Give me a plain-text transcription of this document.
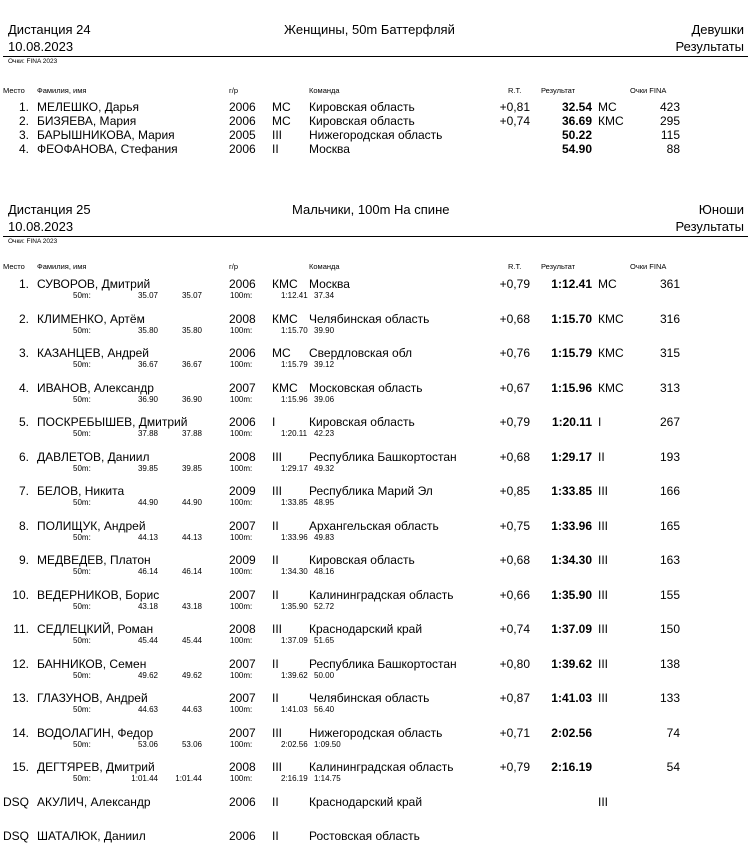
Дистанция 24
10.08.2023
Женщины, 50m Баттерфляй	Девушки
Результаты
Очки: FINA 2023
Место Фамилия, имя	г/р	Команда	R.T.	Результат	Очки FINA
1. МЕЛЕШКО, Дарья	2006 МС Кировская область	+0,81	32.54 МС	423
2. БИЗЯЕВА, Мария	2006 МС Кировская область	+0,74	36.69 КМС	295
3. БАРЫШНИКОВА, Мария	2005 III Нижегородская область	50.22	115
4. ФЕОФАНОВА, Стефания	2006 II	Москва	54.90	88
Дистанция 25
10.08.2023
Мальчики, 100m На спине	Юноши
Результаты
Очки: FINA 2023
Место Фамилия, имя	г/р	Команда	R.T.	Результат	Очки FINA
1. СУВОРОВ, Дмитрий	2006 КМС Москва	+0,79	1:12.41 МС	361
50m:	35.07	35.07	100m:	1:12.41 37.34
2. КЛИМЕНКО, Артём	2008 КМС Челябинская область	+0,68	1:15.70 КМС	316
50m:	35.80	35.80	100m:	1:15.70 39.90
3. КАЗАНЦЕВ, Андрей	2006 МС Свердловская обл	+0,76	1:15.79 КМС	315
50m:	36.67	36.67	100m:	1:15.79 39.12
4. ИВАНОВ, Александр	2007 КМС Московская область	+0,67	1:15.96 КМС	313
50m:	36.90	36.90	100m:	1:15.96 39.06
5. ПОСКРЕБЫШЕВ, Дмитрий	2006 I	Кировская область	+0,79	1:20.11 I	267
50m:	37.88	37.88	100m:	1:20.11 42.23
6. ДАВЛЕТОВ, Даниил	2008 III Республика Башкортостан	+0,68	1:29.17 II	193
50m:	39.85	39.85	100m:	1:29.17 49.32
7. БЕЛОВ, Никита	2009 III Республика Марий Эл	+0,85	1:33.85 III	166
50m:	44.90	44.90	100m:	1:33.85 48.95
8. ПОЛИЩУК, Андрей	2007 II	Архангельская область	+0,75	1:33.96 III	165
50m:	44.13	44.13	100m:	1:33.96 49.83
9. МЕДВЕДЕВ, Платон	2009 II	Кировская область	+0,68	1:34.30 III	163
50m:	46.14	46.14	100m:	1:34.30 48.16
10. ВЕДЕРНИКОВ, Борис	2007 II	Калининградская область	+0,66	1:35.90 III	155
50m:	43.18	43.18	100m:	1:35.90 52.72
11. СЕДЛЕЦКИЙ, Роман	2008 III Краснодарский край	+0,74	1:37.09 III	150
50m:	45.44	45.44	100m:	1:37.09 51.65
12. БАННИКОВ, Семен	2007 II	Республика Башкортостан	+0,80	1:39.62 III	138
50m:	49.62	49.62	100m:	1:39.62 50.00
13. ГЛАЗУНОВ, Андрей	2007 II	Челябинская область	+0,87	1:41.03 III	133
50m:	44.63	44.63	100m:	1:41.03 56.40
14. ВОДОЛАГИН, Федор	2007 III Нижегородская область	+0,71	2:02.56	74
50m:	53.06	53.06	100m:	2:02.56 1:09.50
15. ДЕГТЯРЕВ, Дмитрий	2008 III Калининградская область	+0,79	2:16.19	54
50m:	1:01.44	1:01.44	100m:	2:16.19 1:14.75
DSQ АКУЛИЧ, Александр	2006 II	Краснодарский край	III
DSQ ШАТАЛЮК, Даниил	2006 II	Ростовская область
